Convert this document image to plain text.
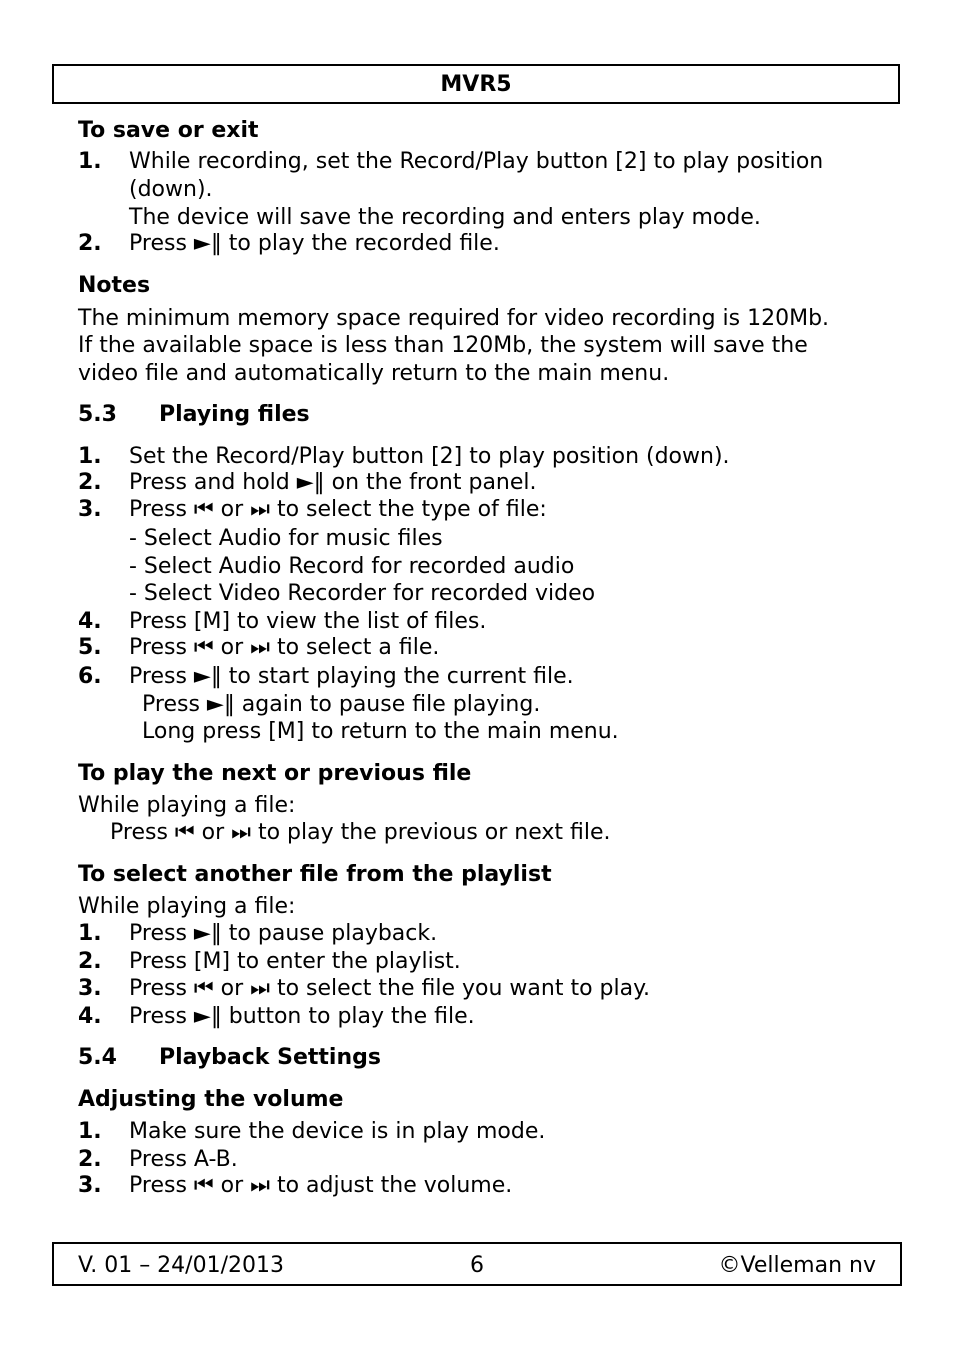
MVR5
To save or exit
1. While recording, set the Record/Play button [2] to play position
(down).
The device will save the recording and enters play mode.
2. Press ►‖ to play the recorded file.
Notes
The minimum memory space required for video recording is 120Mb.
If the available space is less than 120Mb, the system will save the
video file and automatically return to the main menu.
5.3 Playing files
1. Set the Record/Play button [2] to play position (down).
2. Press and hold ►‖ on the front panel.
3. Press ⏮ or ⏭ to select the type of file:
- Select Audio for music files
- Select Audio Record for recorded audio
- Select Video Recorder for recorded video
4. Press [M] to view the list of files.
5. Press ⏮ or ⏭ to select a file.
6. Press ►‖ to start playing the current file.
Press ►‖ again to pause file playing.
Long press [M] to return to the main menu.
To play the next or previous file
While playing a file:
Press ⏮ or ⏭ to play the previous or next file.
To select another file from the playlist
While playing a file:
1. Press ►‖ to pause playback.
2. Press [M] to enter the playlist.
3. Press ⏮ or ⏭ to select the file you want to play.
4. Press ►‖ button to play the file.
5.4 Playback Settings
Adjusting the volume
1. Make sure the device is in play mode.
2. Press A-B.
3. Press ⏮ or ⏭ to adjust the volume.
V. 01 – 24/01/2013	6	©Velleman nv
